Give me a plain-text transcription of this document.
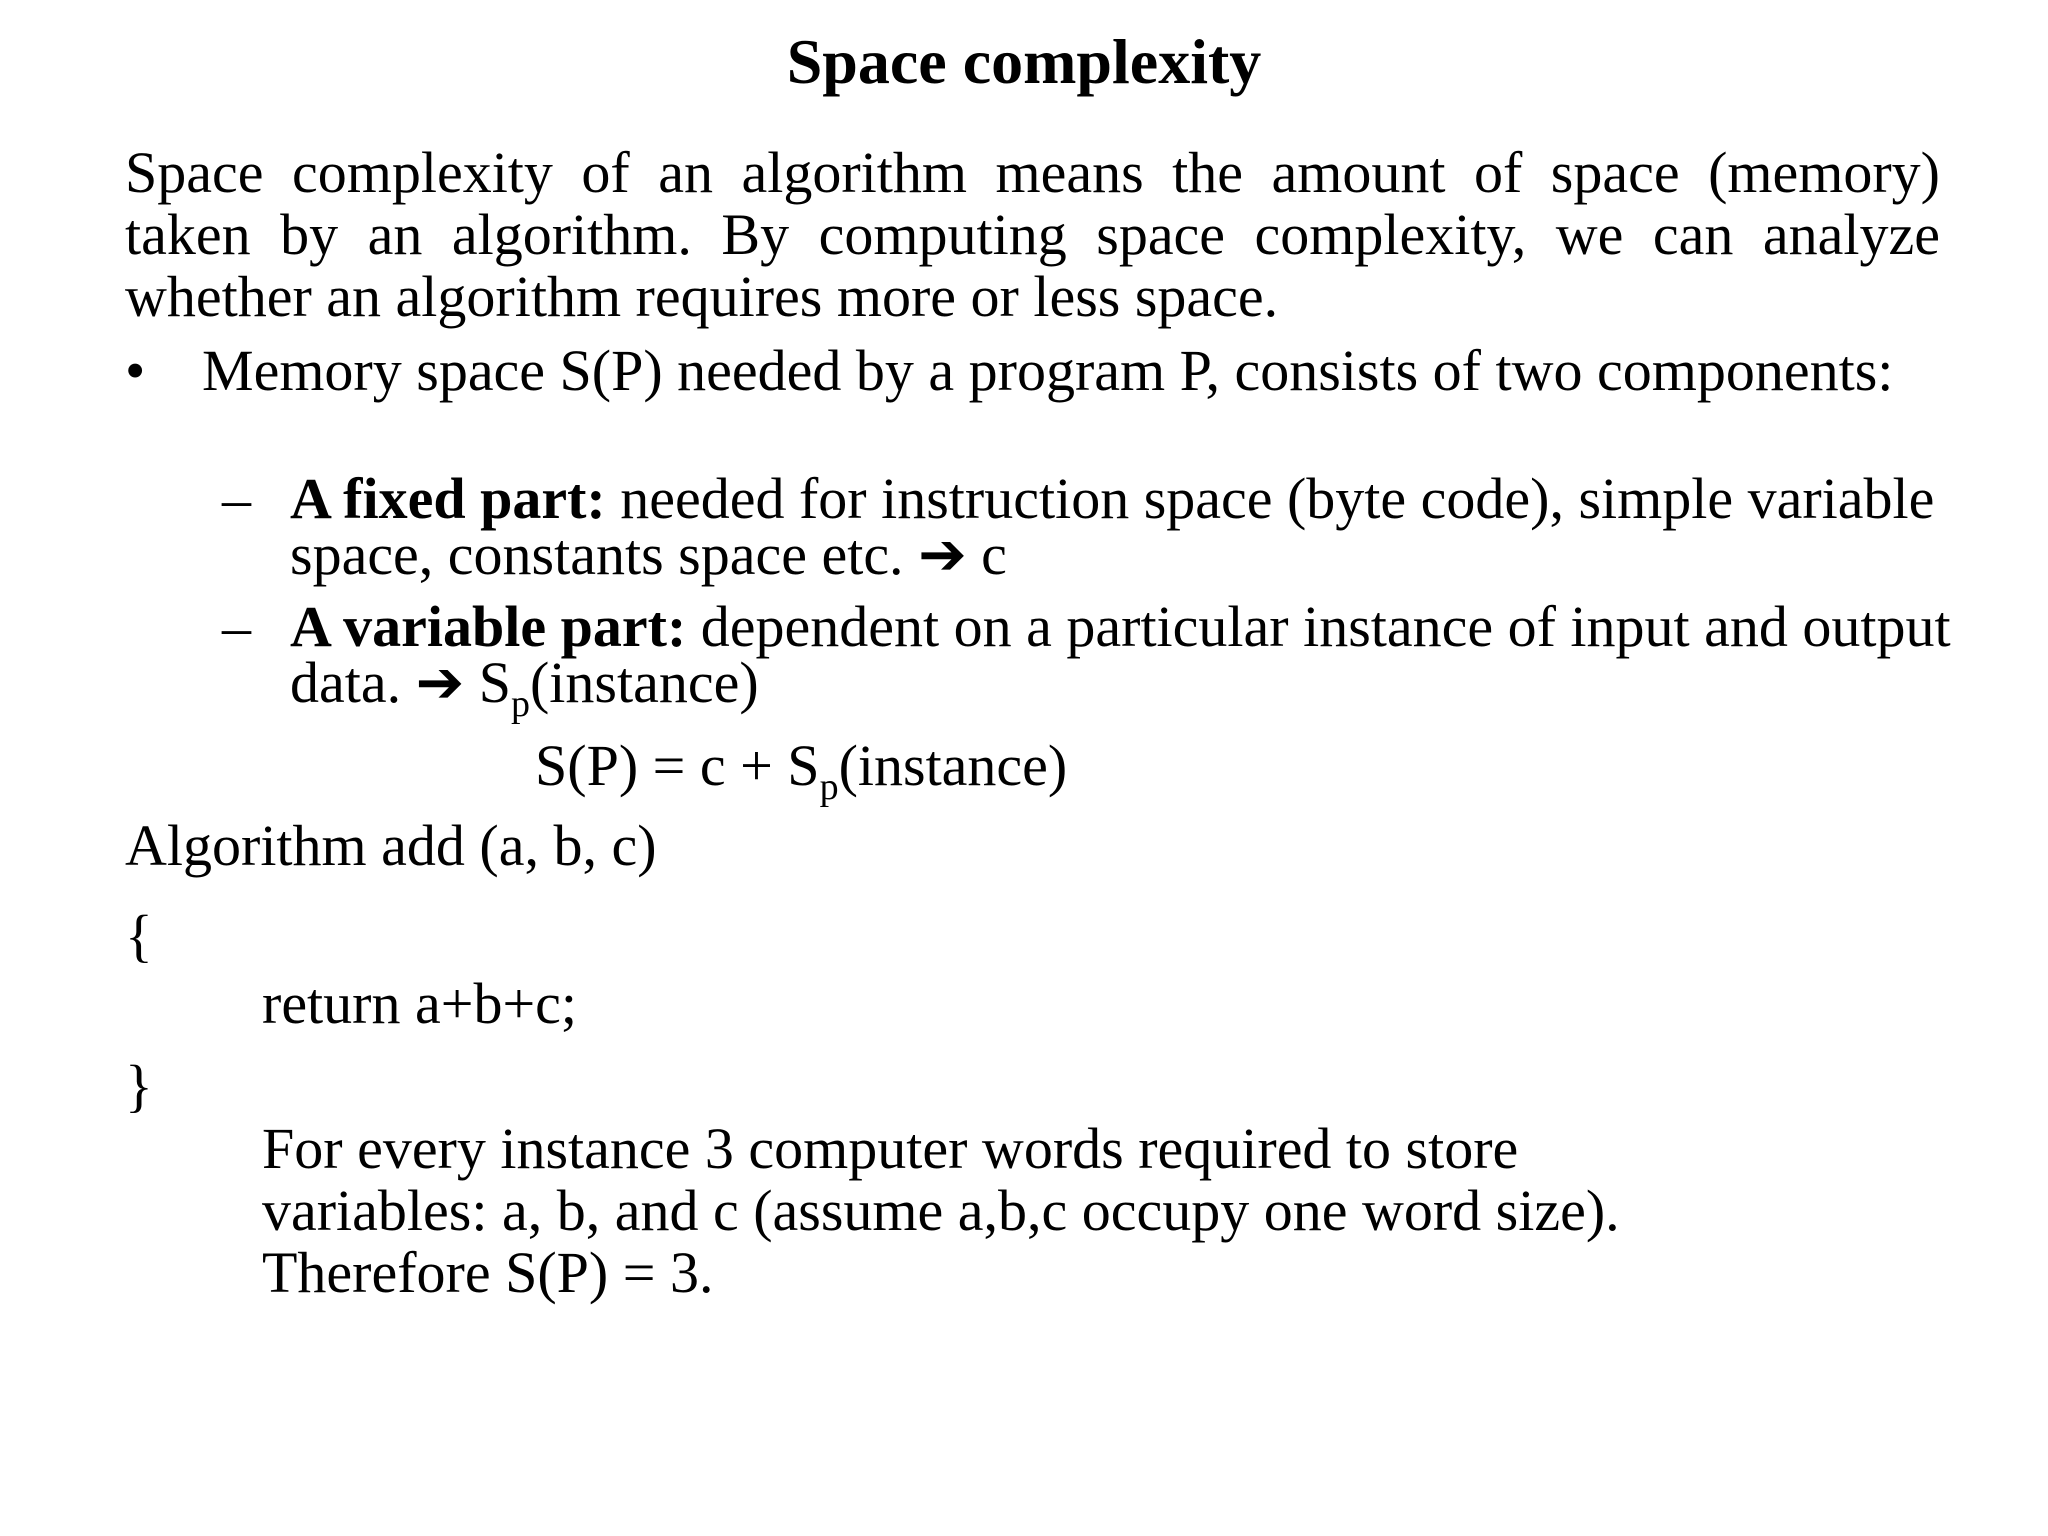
Space complexity
Space complexity of an algorithm means the amount of space (memory) taken by an algorithm. By computing space complexity, we can analyze whether an algorithm requires more or less space.
• Memory space S(P) needed by a program P, consists of two components:
– A fixed part: needed for instruction space (byte code), simple variable space, constants space etc. ➔ c
– A variable part: dependent on a particular instance of input and output data. ➔ $S_p(instance)$
$S(P) = c + S_p(instance)$
Algorithm add (a, b, c)
{
return a+b+c;
}
For every instance 3 computer words required to store
variables: a, b, and c (assume a,b,c occupy one word size).
Therefore S(P) = 3.
